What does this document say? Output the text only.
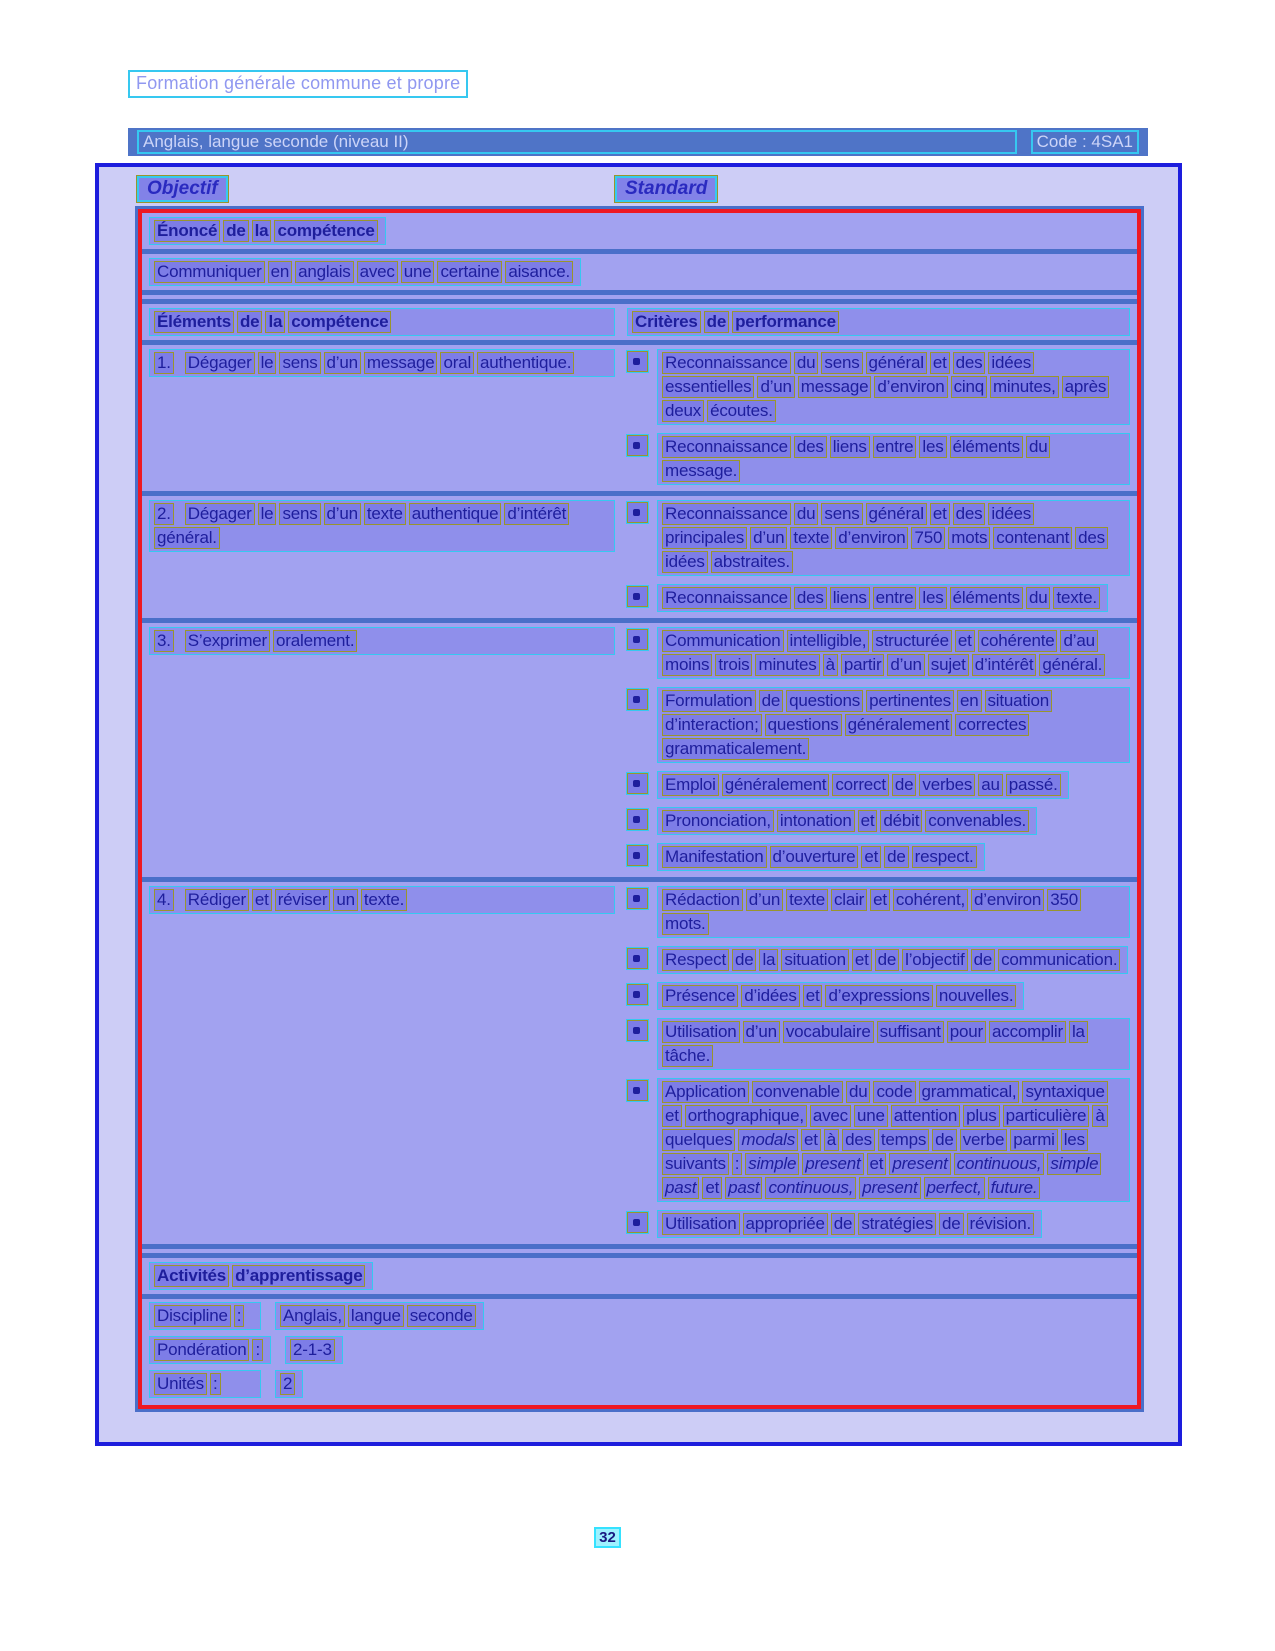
Formation générale commune et propre
Anglais, langue seconde (niveau II)	Code : 4SA1
Objectif	Standard
Énoncé de la compétence
Communiquer en anglais avec une certaine aisance.
Éléments de la compétence	Critères de performance
1. Dégager le sens d’un message oral authentique.	Reconnaissance du sens général et des idéesessentielles d’un message d’environ cinq minutes, aprèsdeux écoutes.
Reconnaissance des liens entre les éléments dumessage.
2. Dégager le sens d’un texte authentique d’intérêtgénéral.
Reconnaissance du sens général et des idéesprincipales d’un texte d’environ 750 mots contenant desidées abstraites.
Reconnaissance des liens entre les éléments du texte.
3. S’exprimer oralement.	Communication intelligible, structurée et cohérente d’aumoins trois minutes à partir d’un sujet d’intérêt général.
Formulation de questions pertinentes en situationd’interaction; questions généralement correctesgrammaticalement.
Emploi généralement correct de verbes au passé.
Prononciation, intonation et débit convenables.
Manifestation d’ouverture et de respect.
4. Rédiger et réviser un texte.	Rédaction d’un texte clair et cohérent, d’environ 350mots.
Respect de la situation et de l’objectif de communication.
Présence d’idées et d’expressions nouvelles.
Utilisation d’un vocabulaire suffisant pour accomplir latâche.
Application convenable du code grammatical, syntaxiqueet orthographique, avec une attention plus particulière àquelques modals et à des temps de verbe parmi lessuivants : simple present et present continuous, simplepast et past continuous, present perfect, future.
Utilisation appropriée de stratégies de révision.
Activités d’apprentissage
Discipline :	Anglais, langue seconde
Pondération :	2-1-3
Unités :	2
32
